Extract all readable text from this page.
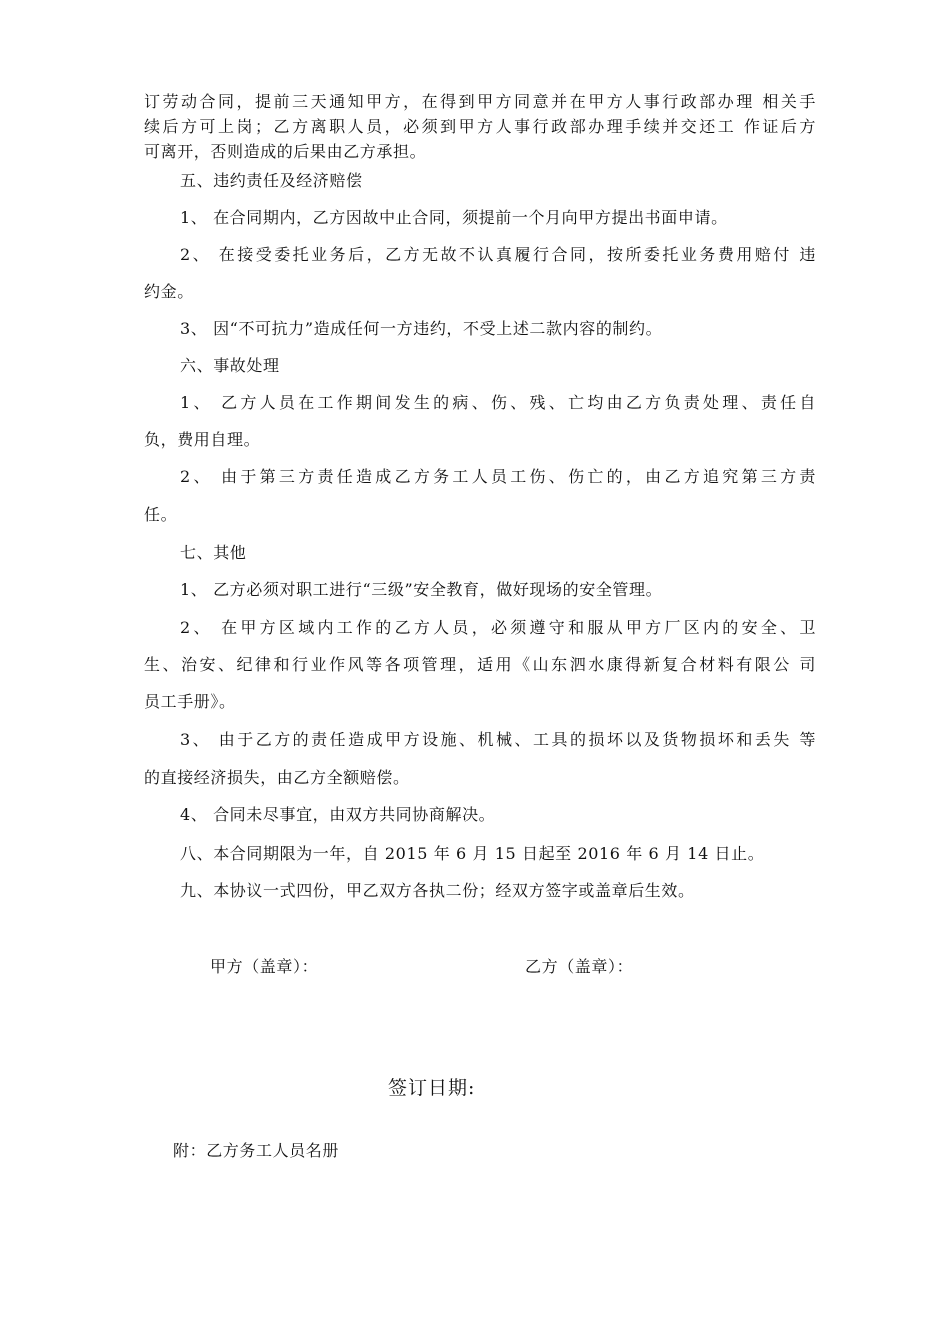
订劳动合同，提前三天通知甲方，在得到甲方同意并在甲方人事行政部办理 相关手
续后方可上岗；乙方离职人员，必须到甲方人事行政部办理手续并交还工 作证后方
可离开，否则造成的后果由乙方承担。
五、违约责任及经济赔偿
1、 在合同期内，乙方因故中止合同，须提前一个月向甲方提出书面申请。
2、 在接受委托业务后，乙方无故不认真履行合同，按所委托业务费用赔付 违
约金。
3、 因“不可抗力”造成任何一方违约，不受上述二款内容的制约。
六、事故处理
1、 乙方人员在工作期间发生的病、伤、残、亡均由乙方负责处理、责任自
负，费用自理。
2、 由于第三方责任造成乙方务工人员工伤、伤亡的，由乙方追究第三方责
任。
七、其他
1、 乙方必须对职工进行“三级”安全教育，做好现场的安全管理。
2、 在甲方区域内工作的乙方人员，必须遵守和服从甲方厂区内的安全、卫
生、治安、纪律和行业作风等各项管理，适用《山东泗水康得新复合材料有限公 司
员工手册》。
3、 由于乙方的责任造成甲方设施、机械、工具的损坏以及货物损坏和丢失 等
的直接经济损失，由乙方全额赔偿。
4、 合同未尽事宜，由双方共同协商解决。
八、本合同期限为一年，自 2015 年 6 月 15 日起至 2016 年 6 月 14 日止。
九、本协议一式四份，甲乙双方各执二份；经双方签字或盖章后生效。
甲方（盖章）：	乙方（盖章）：
签订日期:
附：乙方务工人员名册
